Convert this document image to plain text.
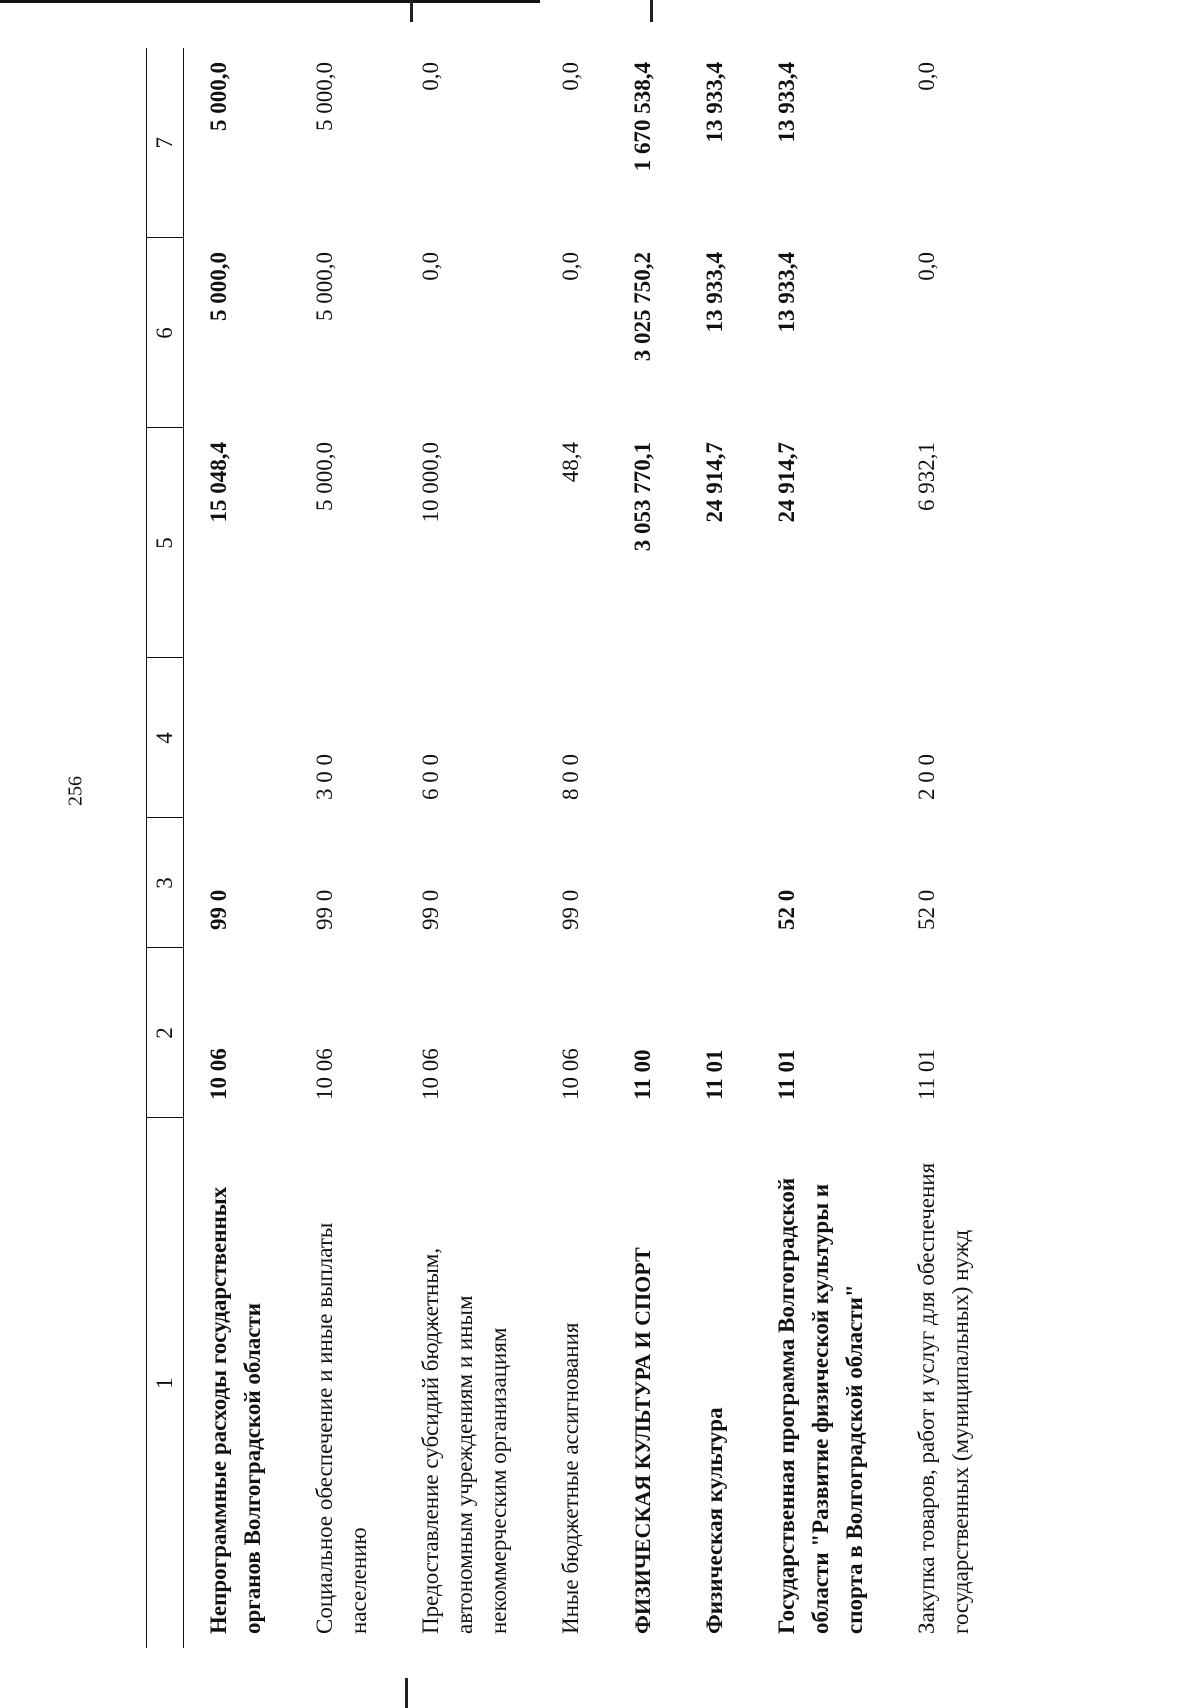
256
1	2	3	4	5	6	7
Непрограммные расходы государственных органов Волгоградской области	10 06	99 0		15 048,4	5 000,0	5 000,0
Социальное обеспечение и иные выплаты населению	10 06	99 0	3 0 0	5 000,0	5 000,0	5 000,0
Предоставление субсидий бюджетным, автономным учреждениям и иным некоммерческим организациям	10 06	99 0	6 0 0	10 000,0	0,0	0,0
Иные бюджетные ассигнования	10 06	99 0	8 0 0	48,4	0,0	0,0
ФИЗИЧЕСКАЯ КУЛЬТУРА И СПОРТ	11 00			3 053 770,1	3 025 750,2	1 670 538,4
Физическая культура	11 01			24 914,7	13 933,4	13 933,4
Государственная программа Волгоградской области "Развитие физической культуры и спорта в Волгоградской области"	11 01	52 0		24 914,7	13 933,4	13 933,4
Закупка товаров, работ и услуг для обеспечения государственных (муниципальных) нужд	11 01	52 0	2 0 0	6 932,1	0,0	0,0
